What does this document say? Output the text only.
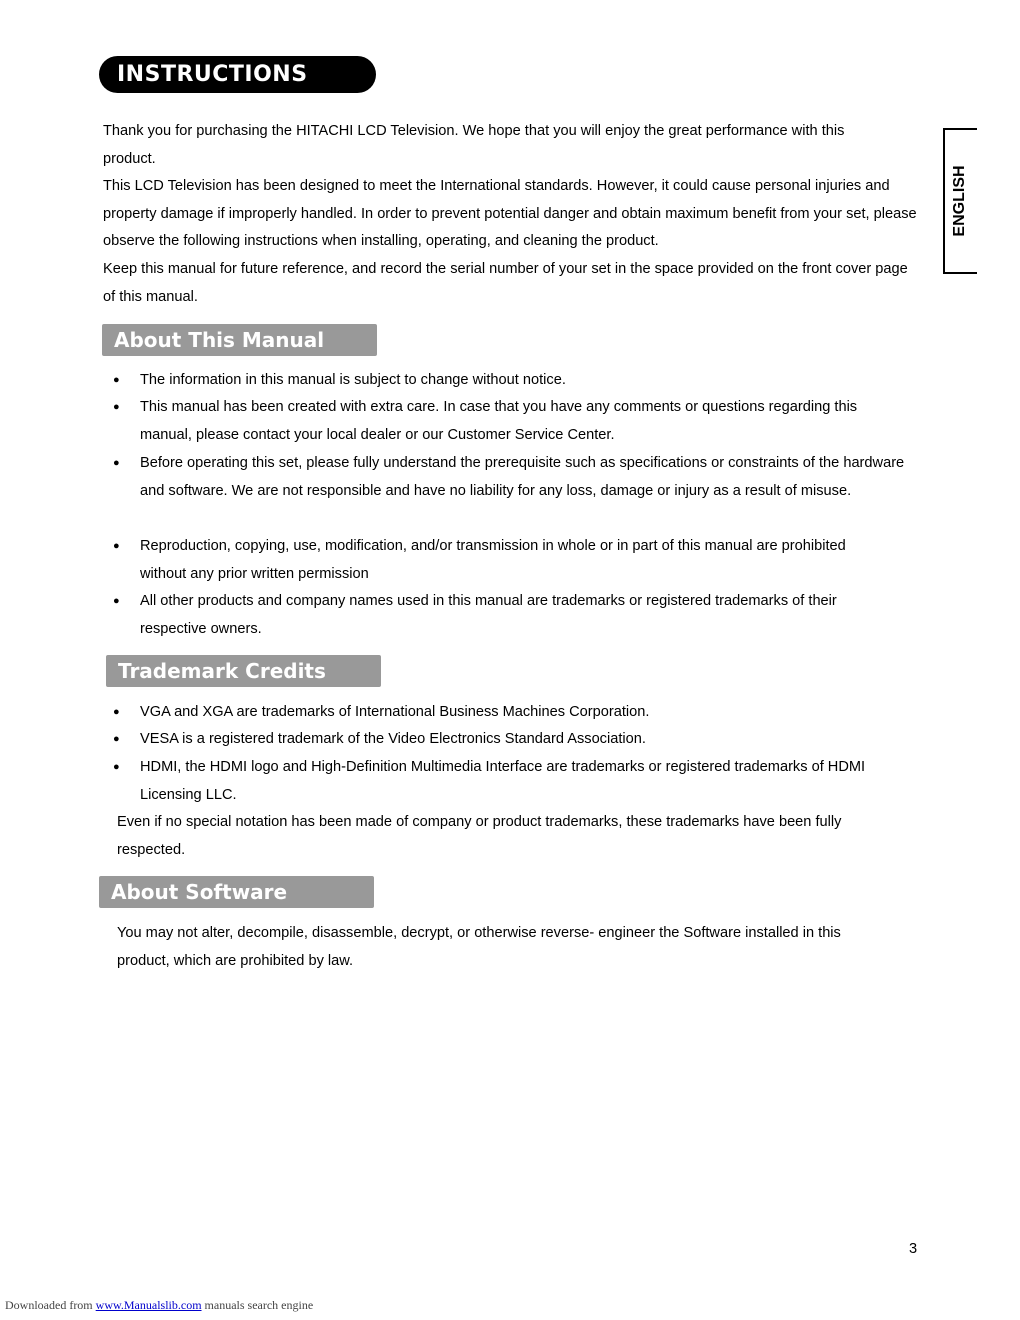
INSTRUCTIONS
ENGLISH

Thank you for purchasing the HITACHI LCD Television. We hope that you will enjoy the great performance with this product.

This LCD Television has been designed to meet the International standards. However, it could cause personal injuries and property damage if improperly handled. In order to prevent potential danger and obtain maximum benefit from your set, please observe the following instructions when installing, operating, and cleaning the product.

Keep this manual for future reference, and record the serial number of your set in the space provided on the front cover page of this manual.

About This Manual
●	The information in this manual is subject to change without notice.
●	This manual has been created with extra care. In case that you have any comments or questions regarding this manual, please contact your local dealer or our Customer Service Center.
●	Before operating this set, please fully understand the prerequisite such as specifications or constraints of the hardware and software. We are not responsible and have no liability for any loss, damage or injury as a result of misuse.
●	Reproduction, copying, use, modification, and/or transmission in whole or in part of this manual are prohibited without any prior written permission
●	All other products and company names used in this manual are trademarks or registered trademarks of their respective owners.
Trademark Credits
●	VGA and XGA are trademarks of International Business Machines Corporation.
●	VESA is a registered trademark of the Video Electronics Standard Association.
●	HDMI, the HDMI logo and High-Definition Multimedia Interface are trademarks or registered trademarks of HDMI Licensing LLC.

Even if no special notation has been made of company or product trademarks, these trademarks have been fully respected.

About Software

You may not alter, decompile, disassemble, decrypt, or otherwise reverse- engineer the Software installed in this product, which are prohibited by law.

3
Downloaded from www.Manualslib.com manuals search engine
